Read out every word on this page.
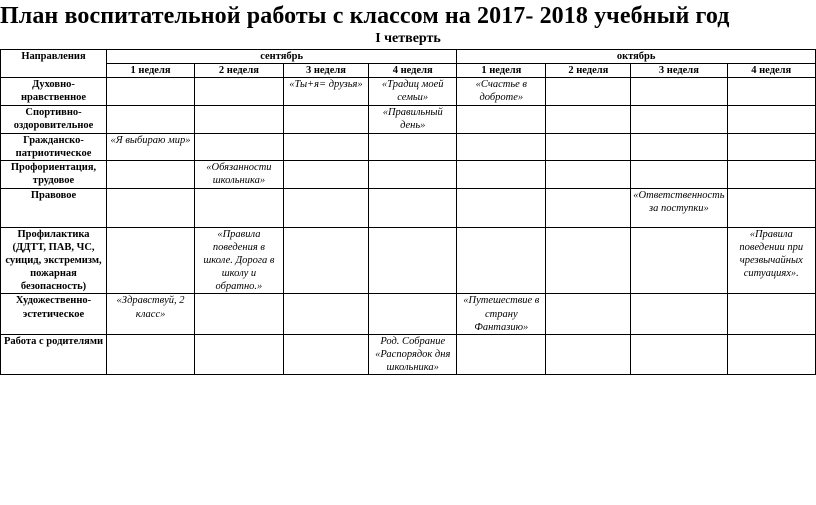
План воспитательной работы с классом на 2017- 2018 учебный год
I четверть
Направления	сентябрь				октябрь			
	1 неделя	2 неделя	3 неделя	4 неделя	1 неделя	2 неделя	3 неделя	4 неделя
Духовно-нравственное			«Ты+я= друзья»	«Традиц моей семьи»	«Счастье в доброте»			
Спортивно-оздоровительное				«Правильный день»				
Гражданско-патриотическое	«Я выбираю мир»							
Профориентация, трудовое		«Обязанности школьника»						
Правовое							«Ответственность за поступки»	
Профилактика (ДДТТ, ПАВ, ЧС, суицид, экстремизм, пожарная безопасность)		«Правила поведения в школе. Дорога в школу и обратно.»						«Правила поведении при чрезвычайных ситуациях».
Художественно-эстетическое	«Здравствуй, 2 класс»				«Путешествие в страну Фантазию»			
Работа с родителями				Род. Собрание «Распорядок дня школьника»				
